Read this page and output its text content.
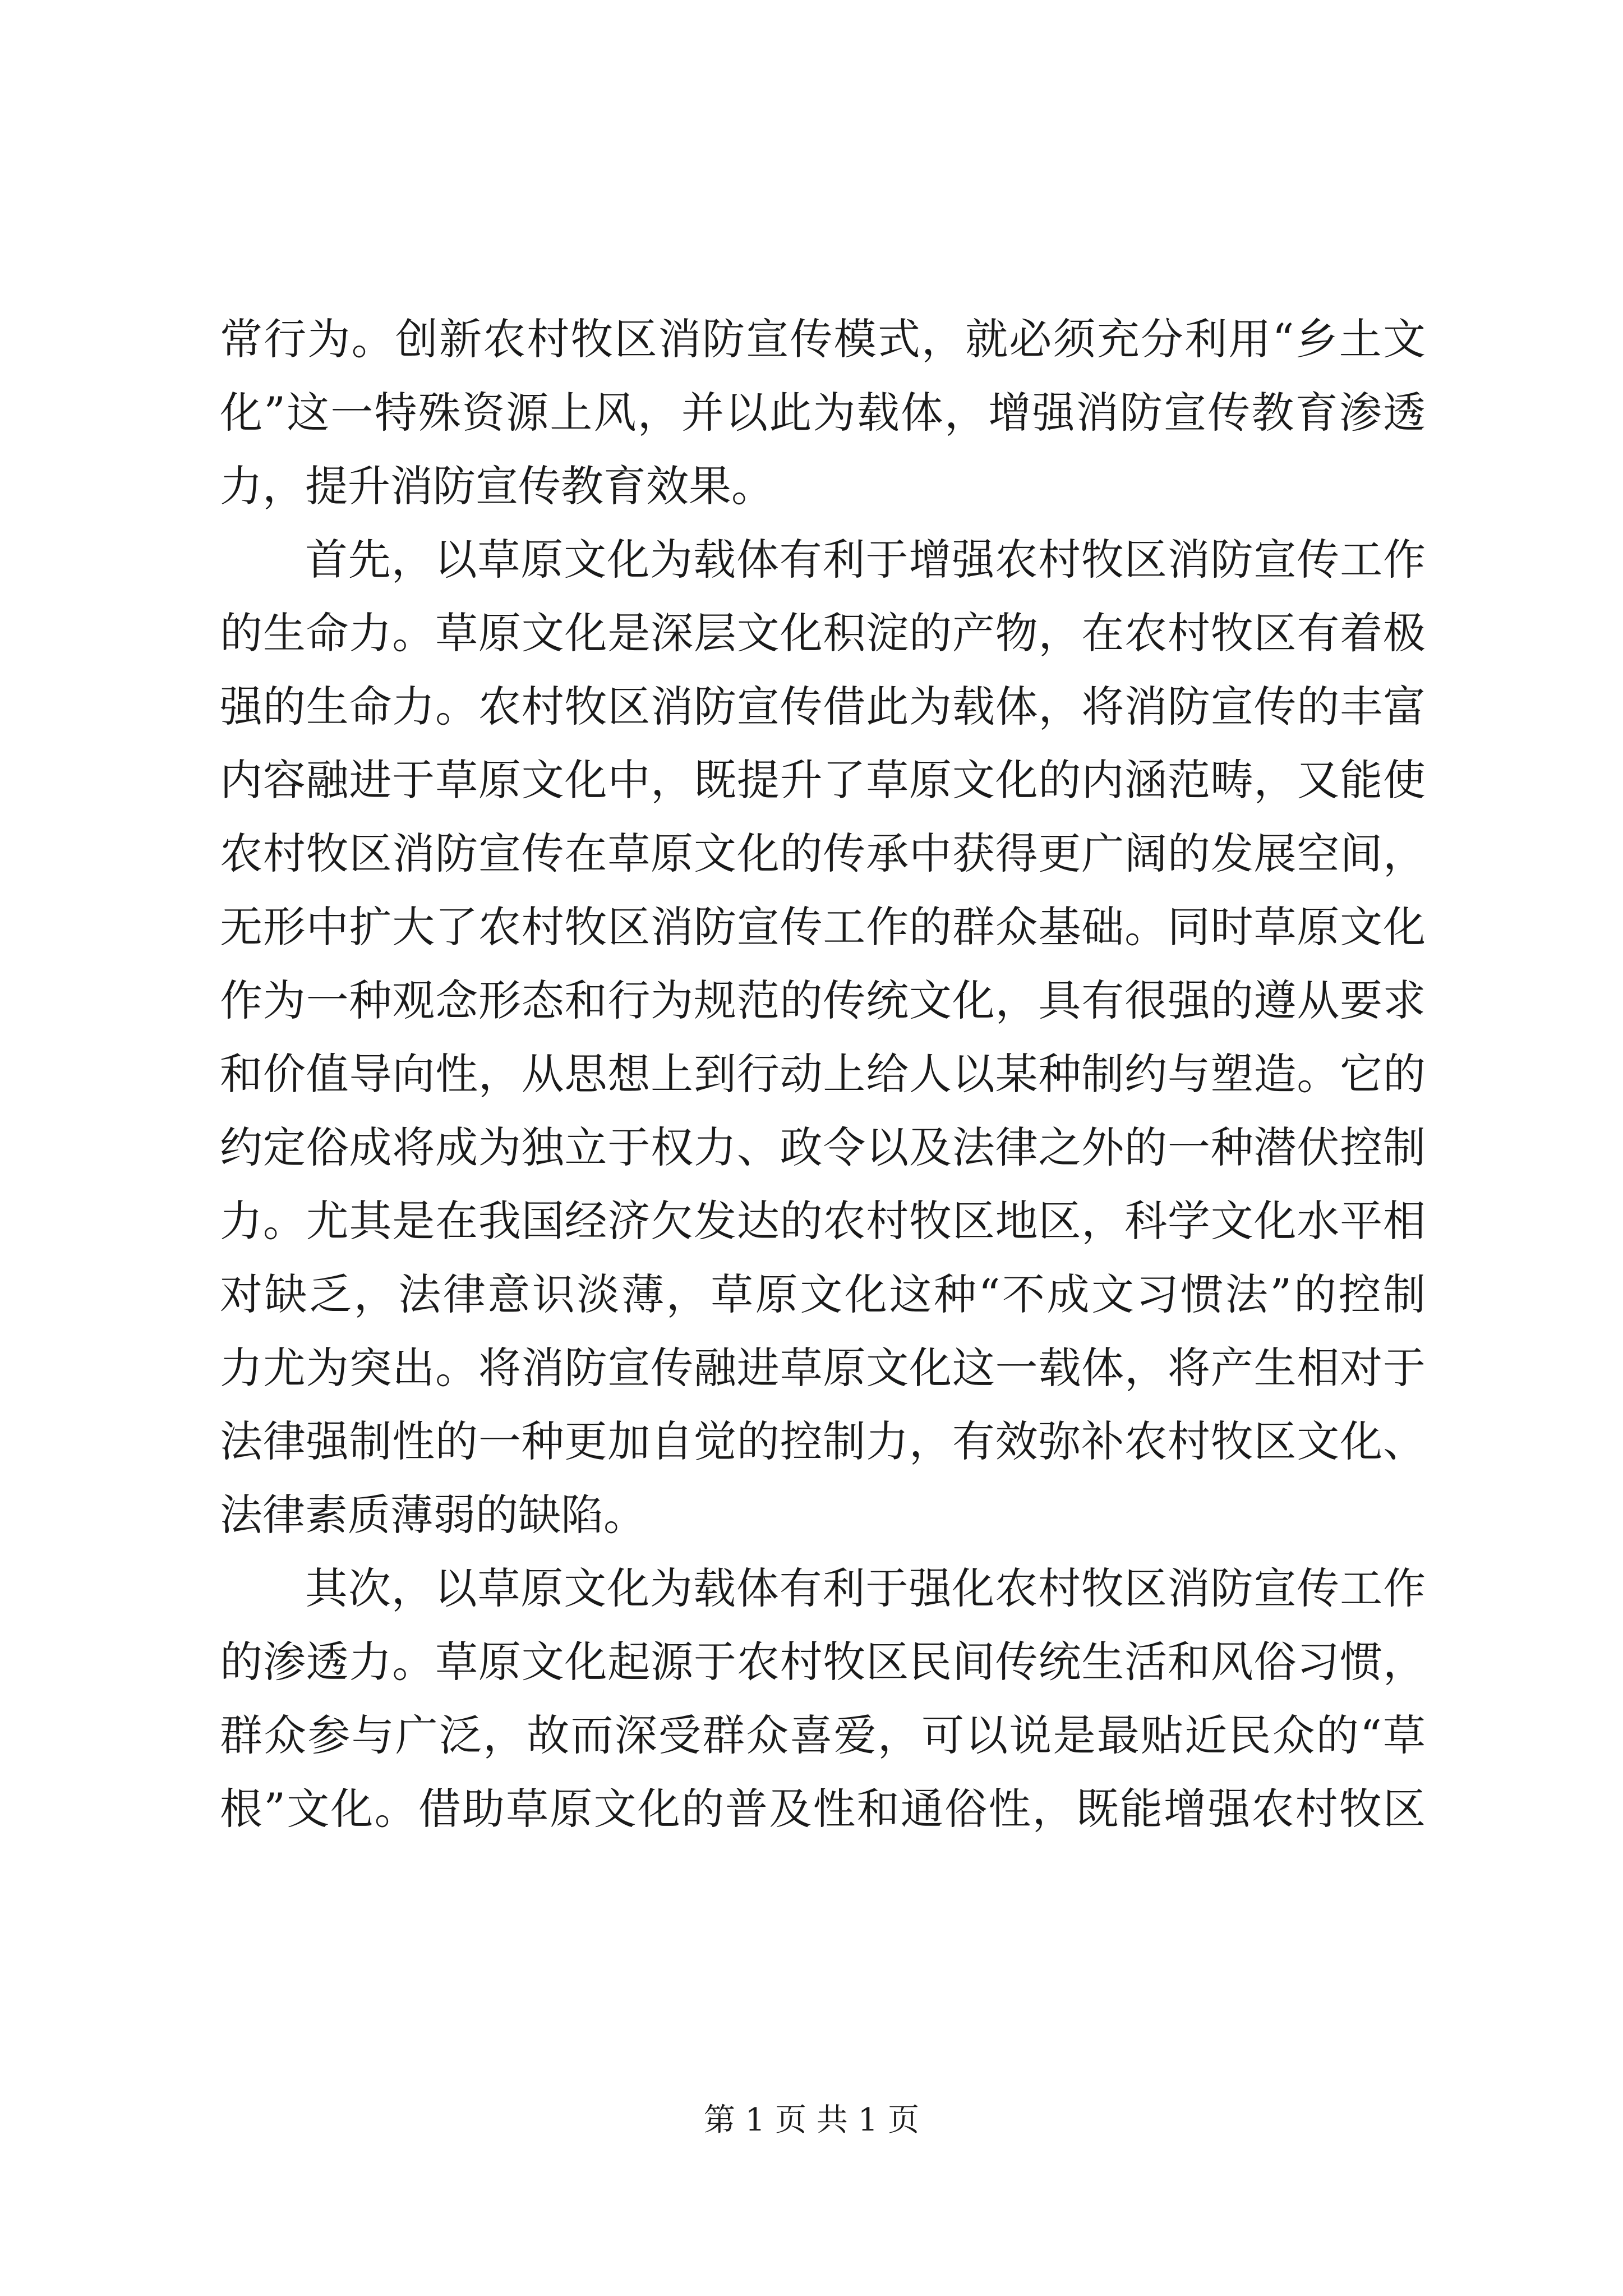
常行为。创新农村牧区消防宣传模式，就必须充分利用“乡土文
化”这一特殊资源上风，并以此为载体，增强消防宣传教育渗透
力，提升消防宣传教育效果。
首先，以草原文化为载体有利于增强农村牧区消防宣传工作
的生命力。草原文化是深层文化积淀的产物，在农村牧区有着极
强的生命力。农村牧区消防宣传借此为载体，将消防宣传的丰富
内容融进于草原文化中，既提升了草原文化的内涵范畴，又能使
农村牧区消防宣传在草原文化的传承中获得更广阔的发展空间，
无形中扩大了农村牧区消防宣传工作的群众基础。同时草原文化
作为一种观念形态和行为规范的传统文化，具有很强的遵从要求
和价值导向性，从思想上到行动上给人以某种制约与塑造。它的
约定俗成将成为独立于权力、政令以及法律之外的一种潜伏控制
力。尤其是在我国经济欠发达的农村牧区地区，科学文化水平相
对缺乏，法律意识淡薄，草原文化这种“不成文习惯法”的控制
力尤为突出。将消防宣传融进草原文化这一载体，将产生相对于
法律强制性的一种更加自觉的控制力，有效弥补农村牧区文化、
法律素质薄弱的缺陷。
其次，以草原文化为载体有利于强化农村牧区消防宣传工作
的渗透力。草原文化起源于农村牧区民间传统生活和风俗习惯，
群众参与广泛，故而深受群众喜爱，可以说是最贴近民众的“草
根”文化。借助草原文化的普及性和通俗性，既能增强农村牧区
第 1 页 共 1 页
